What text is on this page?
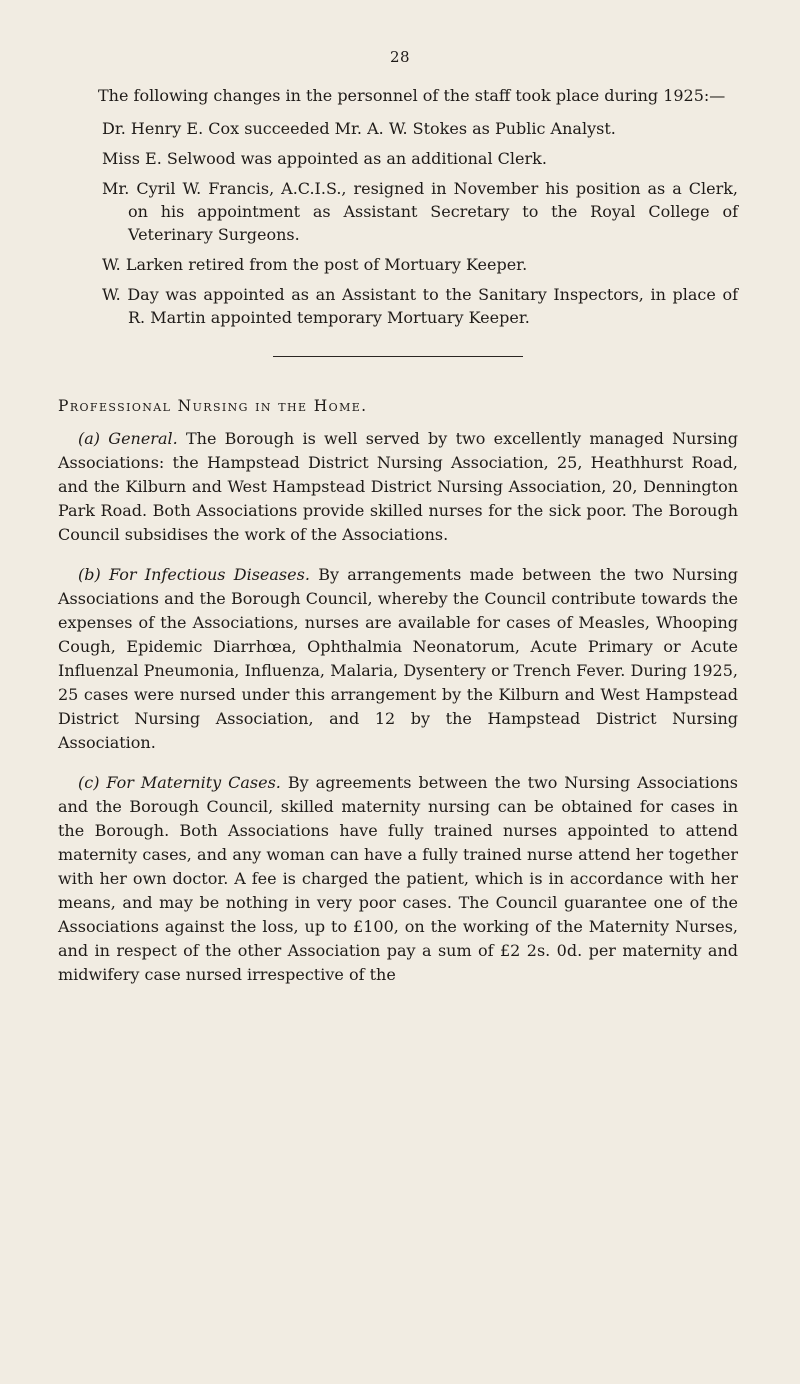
28

The following changes in the personnel of the staff took place during 1925:—

Dr. Henry E. Cox succeeded Mr. A. W. Stokes as Public Analyst.
Miss E. Selwood was appointed as an additional Clerk.
Mr. Cyril W. Francis, A.C.I.S., resigned in November his position as a Clerk, on his appointment as Assistant Secretary to the Royal College of Veterinary Surgeons.
W. Larken retired from the post of Mortuary Keeper.
W. Day was appointed as an Assistant to the Sanitary Inspectors, in place of R. Martin appointed temporary Mortuary Keeper.
Professional Nursing in the Home.

(a) General. The Borough is well served by two excellently managed Nursing Associations: the Hampstead District Nursing Association, 25, Heathhurst Road, and the Kilburn and West Hampstead District Nursing Association, 20, Dennington Park Road. Both Associations provide skilled nurses for the sick poor. The Borough Council subsidises the work of the Associations.

(b) For Infectious Diseases. By arrangements made between the two Nursing Associations and the Borough Council, whereby the Council contribute towards the expenses of the Associations, nurses are available for cases of Measles, Whooping Cough, Epidemic Diarrhœa, Ophthalmia Neonatorum, Acute Primary or Acute Influenzal Pneumonia, Influenza, Malaria, Dysentery or Trench Fever. During 1925, 25 cases were nursed under this arrangement by the Kilburn and West Hampstead District Nursing Association, and 12 by the Hampstead District Nursing Association.

(c) For Maternity Cases. By agreements between the two Nursing Associations and the Borough Council, skilled maternity nursing can be obtained for cases in the Borough. Both Associations have fully trained nurses appointed to attend maternity cases, and any woman can have a fully trained nurse attend her together with her own doctor. A fee is charged the patient, which is in accordance with her means, and may be nothing in very poor cases. The Council guarantee one of the Associations against the loss, up to £100, on the working of the Maternity Nurses, and in respect of the other Association pay a sum of £2 2s. 0d. per maternity and midwifery case nursed irrespective of the
